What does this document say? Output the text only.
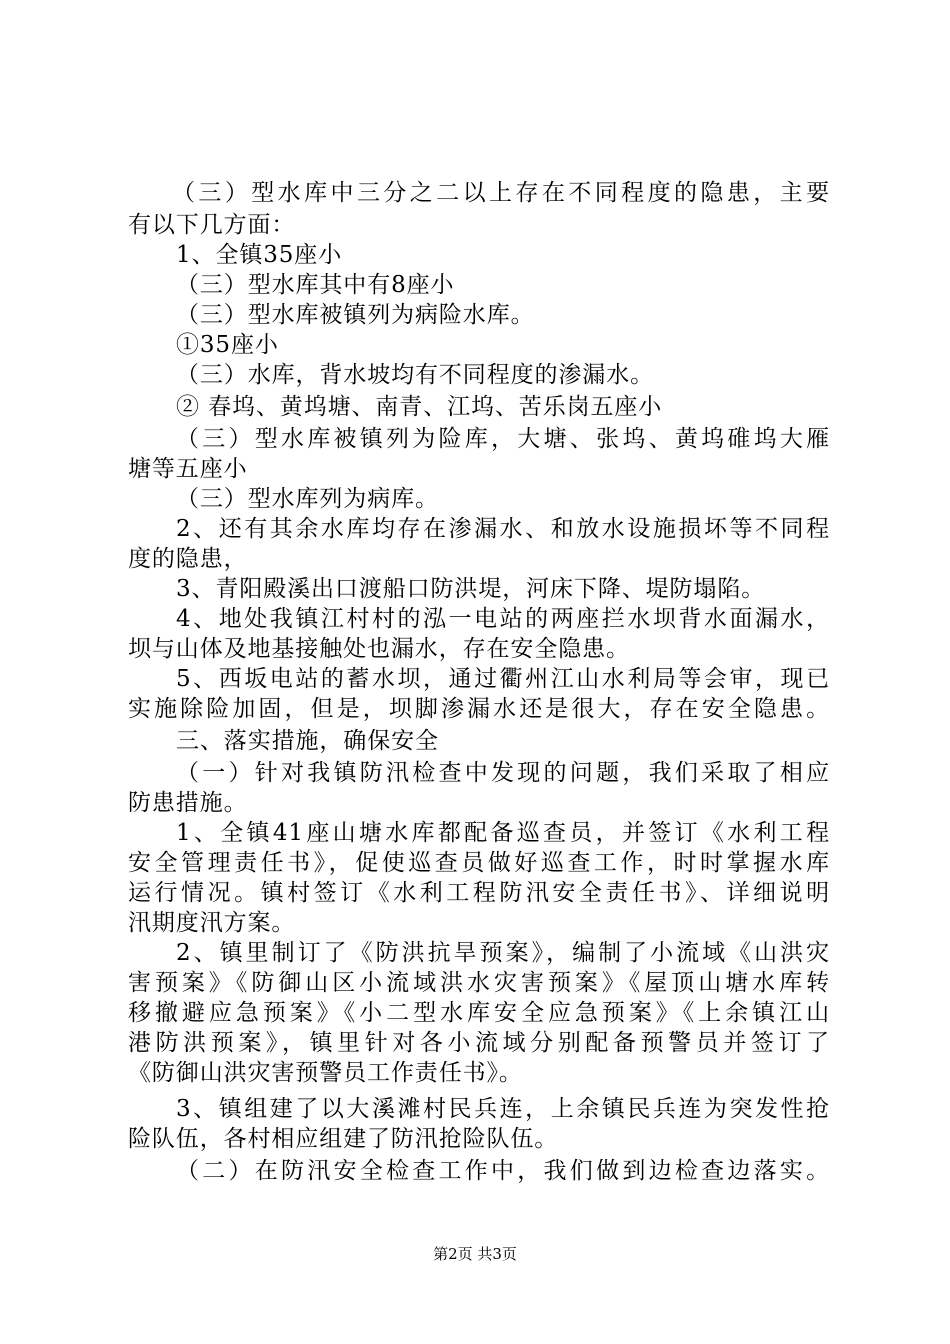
（三）型水库中三分之二以上存在不同程度的隐患，主要
有以下几方面：
1、全镇35座小
（三）型水库其中有8座小
（三）型水库被镇列为病险水库。
①35座小
（三）水库，背水坡均有不同程度的渗漏水。
② 春坞、黄坞塘、南青、江坞、苦乐岗五座小
（三）型水库被镇列为险库，大塘、张坞、黄坞碓坞大雁
塘等五座小
（三）型水库列为病库。
2、还有其余水库均存在渗漏水、和放水设施损坏等不同程
度的隐患，
3、青阳殿溪出口渡船口防洪堤，河床下降、堤防塌陷。
4、地处我镇江村村的泓一电站的两座拦水坝背水面漏水，
坝与山体及地基接触处也漏水，存在安全隐患。
5、西坂电站的蓄水坝，通过衢州江山水利局等会审，现已
实施除险加固，但是，坝脚渗漏水还是很大，存在安全隐患。
三、落实措施，确保安全
（一）针对我镇防汛检查中发现的问题，我们采取了相应
防患措施。
1、全镇41座山塘水库都配备巡查员，并签订《水利工程
安全管理责任书》，促使巡查员做好巡查工作，时时掌握水库
运行情况。镇村签订《水利工程防汛安全责任书》、详细说明
汛期度汛方案。
2、镇里制订了《防洪抗旱预案》，编制了小流域《山洪灾
害预案》《防御山区小流域洪水灾害预案》《屋顶山塘水库转
移撤避应急预案》《小二型水库安全应急预案》《上余镇江山
港防洪预案》，镇里针对各小流域分别配备预警员并签订了
《防御山洪灾害预警员工作责任书》。
3、镇组建了以大溪滩村民兵连，上余镇民兵连为突发性抢
险队伍，各村相应组建了防汛抢险队伍。
（二）在防汛安全检查工作中，我们做到边检查边落实。
第2页 共3页
